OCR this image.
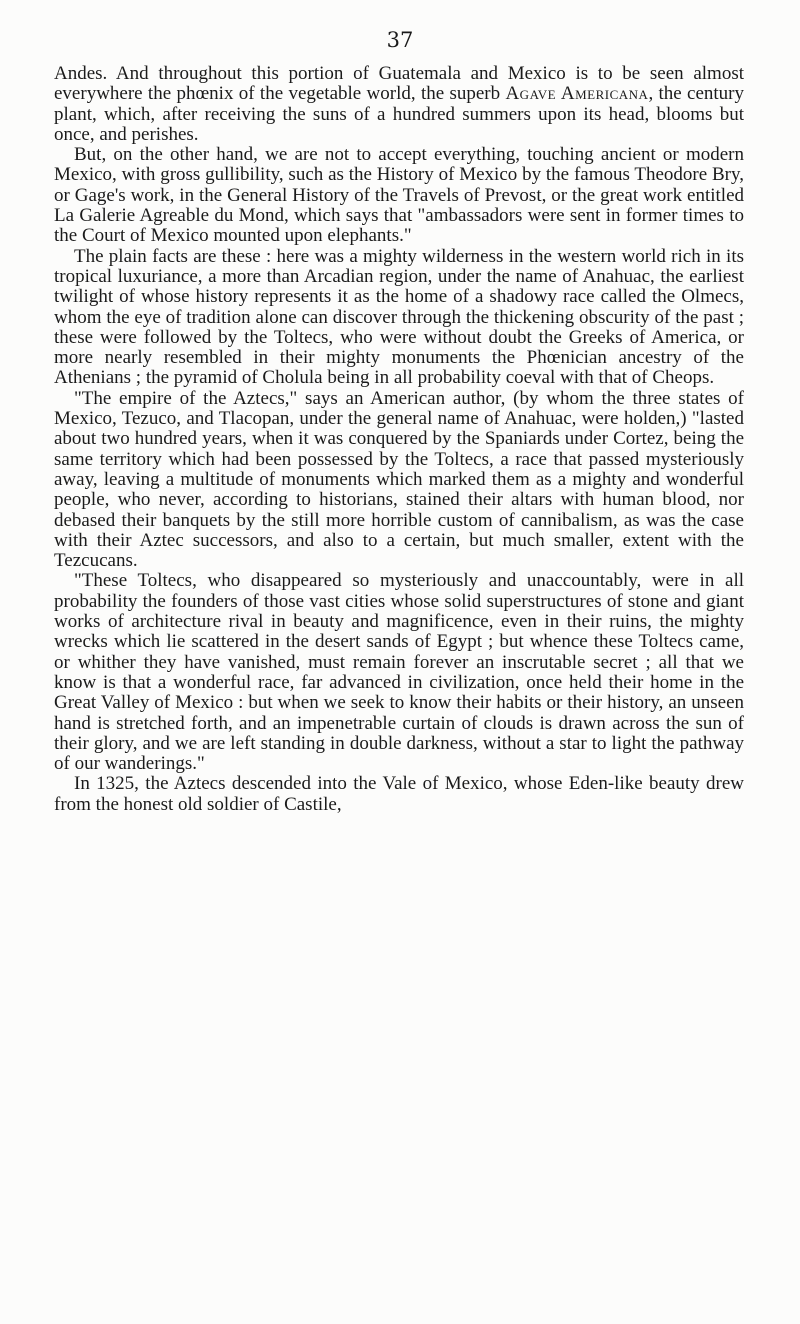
37

Andes. And throughout this portion of Guatemala and Mexico is to be seen almost everywhere the phœnix of the vegetable world, the superb Agave Americana, the century plant, which, after receiving the suns of a hundred summers upon its head, blooms but once, and perishes.

But, on the other hand, we are not to accept everything, touching ancient or modern Mexico, with gross gullibility, such as the History of Mexico by the famous Theodore Bry, or Gage's work, in the General History of the Travels of Prevost, or the great work entitled La Galerie Agreable du Mond, which says that "ambassadors were sent in former times to the Court of Mexico mounted upon elephants."

The plain facts are these : here was a mighty wilderness in the western world rich in its tropical luxuriance, a more than Arcadian region, under the name of Anahuac, the earliest twilight of whose history represents it as the home of a shadowy race called the Olmecs, whom the eye of tradition alone can discover through the thickening obscurity of the past ; these were followed by the Toltecs, who were without doubt the Greeks of America, or more nearly resembled in their mighty monuments the Phœnician ancestry of the Athenians ; the pyramid of Cholula being in all probability coeval with that of Cheops.

"The empire of the Aztecs," says an American author, (by whom the three states of Mexico, Tezuco, and Tlacopan, under the general name of Anahuac, were holden,) "lasted about two hundred years, when it was conquered by the Spaniards under Cortez, being the same territory which had been possessed by the Toltecs, a race that passed mysteriously away, leaving a multitude of monuments which marked them as a mighty and wonderful people, who never, according to historians, stained their altars with human blood, nor debased their banquets by the still more horrible custom of cannibalism, as was the case with their Aztec successors, and also to a certain, but much smaller, extent with the Tezcucans.

"These Toltecs, who disappeared so mysteriously and unaccountably, were in all probability the founders of those vast cities whose solid superstructures of stone and giant works of architecture rival in beauty and magnificence, even in their ruins, the mighty wrecks which lie scattered in the desert sands of Egypt ; but whence these Toltecs came, or whither they have vanished, must remain forever an inscrutable secret ; all that we know is that a wonderful race, far advanced in civilization, once held their home in the Great Valley of Mexico : but when we seek to know their habits or their history, an unseen hand is stretched forth, and an impenetrable curtain of clouds is drawn across the sun of their glory, and we are left standing in double darkness, without a star to light the pathway of our wanderings."

In 1325, the Aztecs descended into the Vale of Mexico, whose Eden-like beauty drew from the honest old soldier of Castile,
